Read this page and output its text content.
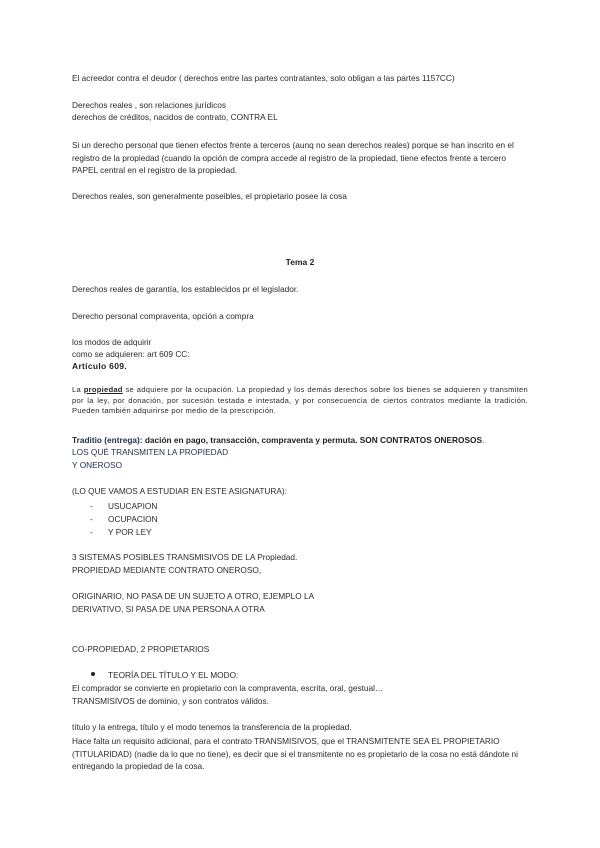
El acreedor contra el deudor ( derechos entre las partes contratantes, solo obligan a las partes 1157CC)
Derechos reales , son relaciones jurídicos
derechos de créditos, nacidos de contrato, CONTRA EL
Si un derecho personal que tienen efectos frente a terceros (aunq no sean derechos reales) porque se han inscrito en el registro de la propiedad (cuando la opción de compra accede al registro de la propiedad, tiene efectos frente a tercero PAPEL central en el registro de la propiedad.
Derechos reales, son generalmente poseibles, el propietario posee la cosa
Tema 2
Derechos reales de garantía, los establecidos pr el legislador.
Derecho personal compraventa, opción a compra
los modos de adquirir
como se adquieren: art 609 CC:
Artículo 609.
La propiedad se adquiere por la ocupación. La propiedad y los demás derechos sobre los bienes se adquieren y transmiten por la ley, por donación, por sucesión testada e intestada, y por consecuencia de ciertos contratos mediante la tradición. Pueden también adquirirse por medio de la prescripción.
Traditio (entrega): dación en pago, transacción, compraventa y permuta. SON CONTRATOS ONEROSOS.
LOS QUÉ TRANSMITEN LA PROPIEDAD
Y ONEROSO
(LO QUE VAMOS A ESTUDIAR EN ESTE ASIGNATURA):
- USUCAPION
- OCUPACION
- Y POR LEY
3 SISTEMAS POSIBLES TRANSMISIVOS DE LA Propiedad.
PROPIEDAD MEDIANTE CONTRATO ONEROSO,
ORIGINARIO, NO PASA DE UN SUJETO A OTRO, EJEMPLO LA
DERIVATIVO, SI PASA DE UNA PERSONA A OTRA
CO-PROPIEDAD, 2 PROPIETARIOS
TEORÍA DEL TÍTULO Y EL MODO:
El comprador se convierte en propietario con la compraventa, escrita, oral, gestual…
TRANSMISIVOS de dominio, y son contratos válidos.
título y la entrega, título y el modo tenemos la transferencia de la propiedad.
Hace falta un requisito adicional, para el contrato TRANSMISIVOS, que el TRANSMITENTE SEA EL PROPIETARIO (TITULARIDAD) (nadie da lo que no tiene), es decir que si el transmitente no es propietario de la cosa no está dándote ni entregando la propiedad de la cosa.
